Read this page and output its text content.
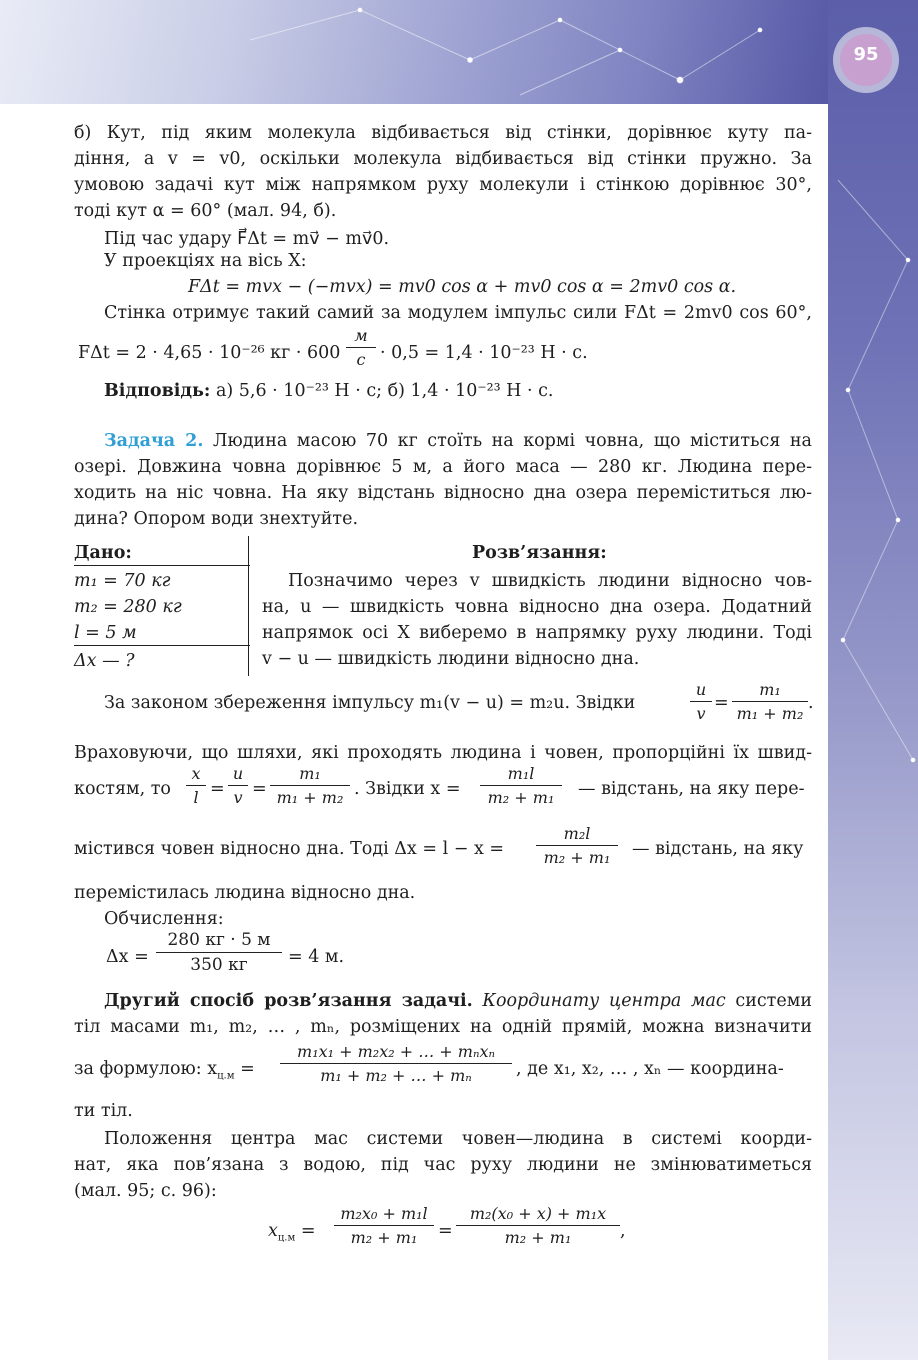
95
б) Кут, під яким молекула відбивається від стінки, дорівнює куту па-
діння, а v = v0, оскільки молекула відбивається від стінки пружно. За
умовою задачі кут між напрямком руху молекули і стінкою дорівнює 30°,
тоді кут α = 60° (мал. 94, б).
Під час удару F⃗Δt = mv⃗ − mv⃗0.
У проекціях на вісь X:
FΔt = mvx − (−mvx) = mv0 cos α + mv0 cos α = 2mv0 cos α.
Стінка отримує такий самий за модулем імпульс сили FΔt = 2mv0 cos 60°,
FΔt = 2 · 4,65 · 10⁻²⁶ кг · 600
м
с · 0,5 = 1,4 · 10⁻²³ Н · с.
Відповідь: а) 5,6 · 10⁻²³ Н · с; б) 1,4 · 10⁻²³ Н · с.
Задача 2. Людина масою 70 кг стоїть на кормі човна, що міститься на
озері. Довжина човна дорівнює 5 м, а його маса — 280 кг. Людина пере-
ходить на ніс човна. На яку відстань відносно дна озера переміститься лю-
дина? Опором води знехтуйте.
Дано:
m₁ = 70 кг
m₂ = 280 кг
l = 5 м
Δx — ?
Розв’язання:
Позначимо через v швидкість людини відносно чов-
на, u — швидкість човна відносно дна озера. Додатний
напрямок осі X виберемо в напрямку руху людини. Тоді
v − u — швидкість людини відносно дна.
За законом збереження імпульсу m₁(v − u) = m₂u. Звідки	$\frac{u}{v} = \frac{\text{m₁}}{\text{m₁ + m₂}}$ .
Враховуючи, що шляхи, які проходять людина і човен, пропорційні їх швид-
костям, то $\frac{x}{l} = \frac{u}{v} = \frac{\text{m₁}}{\text{m₁ + m₂}}$ . Звідки $x = \frac{\text{m₁l}}{\text{m₂ + m₁}}$ — відстань, на яку пере-
містився човен відносно дна. Тоді $\Delta x = l - x = \frac{\text{m₂l}}{\text{m₂ + m₁}}$ — відстань, на яку
перемістилась людина відносно дна.
Обчислення:
Δx =
280 кг · 5 м
350 кг	= 4 м.
Другий спосіб розв’язання задачі. Координату центра мас системи
тіл масами m₁, m₂, … , mₙ, розміщених на одній прямій, можна визначити
за формулою: $x_{ц.м}$ =
m₁x₁ + m₂x₂ + … + mₙxₙ
m₁ + m₂ + … + mₙ	, де x₁, x₂, … , xₙ — координа-
ти тіл.
Положення центра мас системи човен—людина в системі коорди-
нат, яка пов’язана з водою, під час руху людини не змінюватиметься
(мал. 95; с. 96):
$x_{ц.м} = \frac{\text{m₂x₀ + m₁l}}{\text{m₂ + m₁}} = \frac{\text{m₂(x₀ + x) + m₁x}}{\text{m₂ + m₁}}$ ,
